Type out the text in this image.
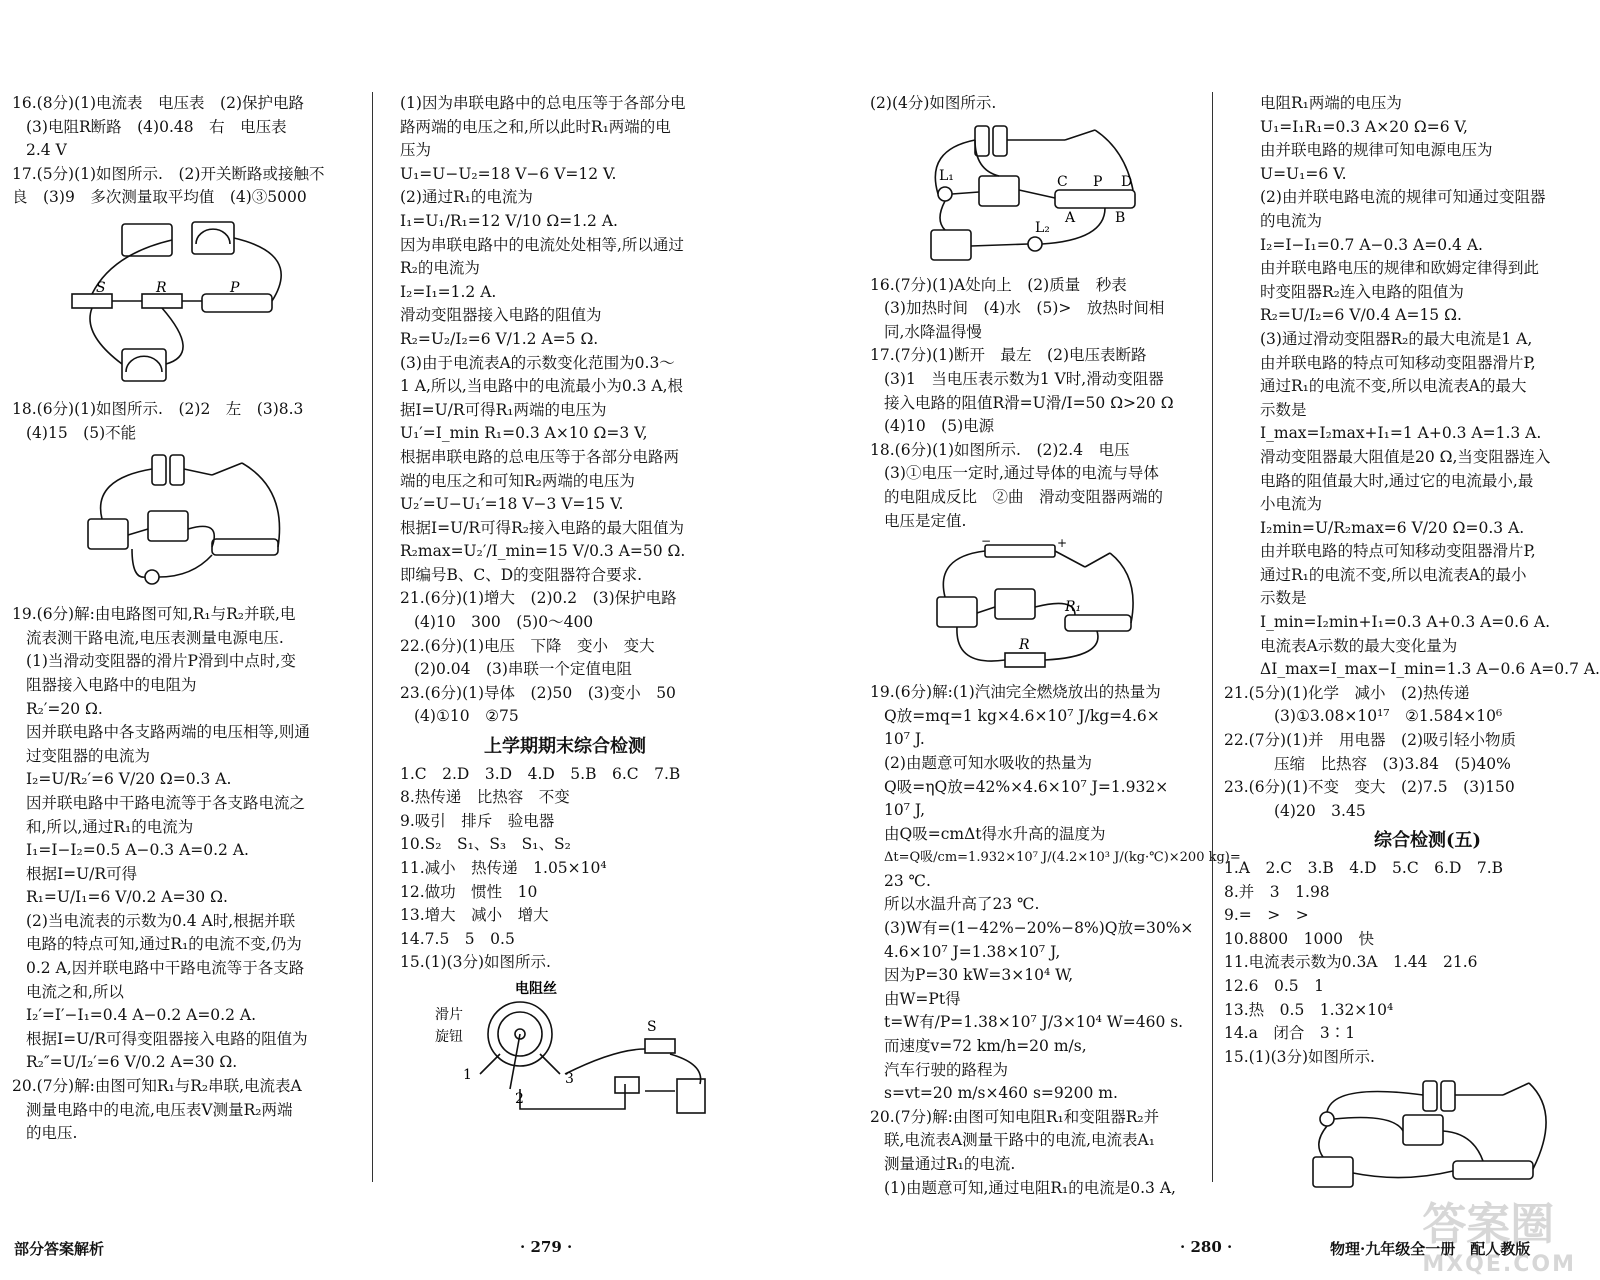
16.(8分)(1)电流表　电压表　(2)保护电路
(3)电阻R断路　(4)0.48　右　电压表
2.4 V
17.(5分)(1)如图所示.　(2)开关断路或接触不
良　(3)9　多次测量取平均值　(4)③5000
S	R	P
18.(6分)(1)如图所示.　(2)2　左　(3)8.3
(4)15　(5)不能
19.(6分)解:由电路图可知,R₁与R₂并联,电
流表测干路电流,电压表测量电源电压.
(1)当滑动变阻器的滑片P滑到中点时,变
阻器接入电路中的电阻为
R₂′=20 Ω.
因并联电路中各支路两端的电压相等,则通
过变阻器的电流为
I₂=U/R₂′=6 V/20 Ω=0.3 A.
因并联电路中干路电流等于各支路电流之
和,所以,通过R₁的电流为
I₁=I−I₂=0.5 A−0.3 A=0.2 A.
根据I=U/R可得
R₁=U/I₁=6 V/0.2 A=30 Ω.
(2)当电流表的示数为0.4 A时,根据并联
电路的特点可知,通过R₁的电流不变,仍为
0.2 A,因并联电路中干路电流等于各支路
电流之和,所以
I₂′=I′−I₁=0.4 A−0.2 A=0.2 A.
根据I=U/R可得变阻器接入电路的阻值为
R₂″=U/I₂′=6 V/0.2 A=30 Ω.
20.(7分)解:由图可知R₁与R₂串联,电流表A
测量电路中的电流,电压表V测量R₂两端
的电压.
(1)因为串联电路中的总电压等于各部分电
路两端的电压之和,所以此时R₁两端的电
压为
U₁=U−U₂=18 V−6 V=12 V.
(2)通过R₁的电流为
I₁=U₁/R₁=12 V/10 Ω=1.2 A.
因为串联电路中的电流处处相等,所以通过
R₂的电流为
I₂=I₁=1.2 A.
滑动变阻器接入电路的阻值为
R₂=U₂/I₂=6 V/1.2 A=5 Ω.
(3)由于电流表A的示数变化范围为0.3～
1 A,所以,当电路中的电流最小为0.3 A,根
据I=U/R可得R₁两端的电压为
U₁′=I_min R₁=0.3 A×10 Ω=3 V,
根据串联电路的总电压等于各部分电路两
端的电压之和可知R₂两端的电压为
U₂′=U−U₁′=18 V−3 V=15 V.
根据I=U/R可得R₂接入电路的最大阻值为
R₂max=U₂′/I_min=15 V/0.3 A=50 Ω.
即编号B、C、D的变阻器符合要求.
21.(6分)(1)增大　(2)0.2　(3)保护电路
(4)10　300　(5)0～400
22.(6分)(1)电压　下降　变小　变大
(2)0.04　(3)串联一个定值电阻
23.(6分)(1)导体　(2)50　(3)变小　50
(4)①10　②75
上学期期末综合检测
1.C　2.D　3.D　4.D　5.B　6.C　7.B
8.热传递　比热容　不变
9.吸引　排斥　验电器
10.S₂　S₁、S₃　S₁、S₂
11.减小　热传递　1.05×10⁴
12.做功　惯性　10
13.增大　减小　增大
14.7.5　5　0.5
15.(1)(3分)如图所示.
滑片
电阻丝
旋钮
S
1
2
3
(2)(4分)如图所示.
L₁
L₂
C P D
A	B
16.(7分)(1)A处向上　(2)质量　秒表
(3)加热时间　(4)水　(5)>　放热时间相
同,水降温得慢
17.(7分)(1)断开　最左　(2)电压表断路
(3)1　当电压表示数为1 V时,滑动变阻器
接入电路的阻值R滑=U滑/I=50 Ω>20 Ω
(4)10　(5)电源
18.(6分)(1)如图所示.　(2)2.4　电压
(3)①电压一定时,通过导体的电流与导体
的电阻成反比　②曲　滑动变阻器两端的
电压是定值.
−	+
R₁
R
19.(6分)解:(1)汽油完全燃烧放出的热量为
Q放=mq=1 kg×4.6×10⁷ J/kg=4.6×
10⁷ J.
(2)由题意可知水吸收的热量为
Q吸=ηQ放=42%×4.6×10⁷ J=1.932×
10⁷ J,
由Q吸=cmΔt得水升高的温度为
Δt=Q吸/cm=1.932×10⁷ J/(4.2×10³ J/(kg·℃)×200 kg)=
23 ℃.
所以水温升高了23 ℃.
(3)W有=(1−42%−20%−8%)Q放=30%×
4.6×10⁷ J=1.38×10⁷ J,
因为P=30 kW=3×10⁴ W,
由W=Pt得
t=W有/P=1.38×10⁷ J/3×10⁴ W=460 s.
而速度v=72 km/h=20 m/s,
汽车行驶的路程为
s=vt=20 m/s×460 s=9200 m.
20.(7分)解:由图可知电阻R₁和变阻器R₂并
联,电流表A测量干路中的电流,电流表A₁
测量通过R₁的电流.
(1)由题意可知,通过电阻R₁的电流是0.3 A,
电阻R₁两端的电压为
U₁=I₁R₁=0.3 A×20 Ω=6 V,
由并联电路的规律可知电源电压为
U=U₁=6 V.
(2)由并联电路电流的规律可知通过变阻器
的电流为
I₂=I−I₁=0.7 A−0.3 A=0.4 A.
由并联电路电压的规律和欧姆定律得到此
时变阻器R₂连入电路的阻值为
R₂=U/I₂=6 V/0.4 A=15 Ω.
(3)通过滑动变阻器R₂的最大电流是1 A,
由并联电路的特点可知移动变阻器滑片P,
通过R₁的电流不变,所以电流表A的最大
示数是
I_max=I₂max+I₁=1 A+0.3 A=1.3 A.
滑动变阻器最大阻值是20 Ω,当变阻器连入
电路的阻值最大时,通过它的电流最小,最
小电流为
I₂min=U/R₂max=6 V/20 Ω=0.3 A.
由并联电路的特点可知移动变阻器滑片P,
通过R₁的电流不变,所以电流表A的最小
示数是
I_min=I₂min+I₁=0.3 A+0.3 A=0.6 A.
电流表A示数的最大变化量为
ΔI_max=I_max−I_min=1.3 A−0.6 A=0.7 A.
21.(5分)(1)化学　减小　(2)热传递
(3)①3.08×10¹⁷　②1.584×10⁶
22.(7分)(1)并　用电器　(2)吸引轻小物质
压缩　比热容　(3)3.84　(5)40%
23.(6分)(1)不变　变大　(2)7.5　(3)150
(4)20　3.45
综合检测(五)
1.A　2.C　3.B　4.D　5.C　6.D　7.B
8.并　3　1.98
9.=　>　>
10.8800　1000　快
11.电流表示数为0.3A　1.44　21.6
12.6　0.5　1
13.热　0.5　1.32×10⁴
14.a　闭合　3∶1
15.(1)(3分)如图所示.
部分答案解析	· 279 ·	· 280 ·	物理·九年级全一册　配人教版
答案圈
MXQE.COM
